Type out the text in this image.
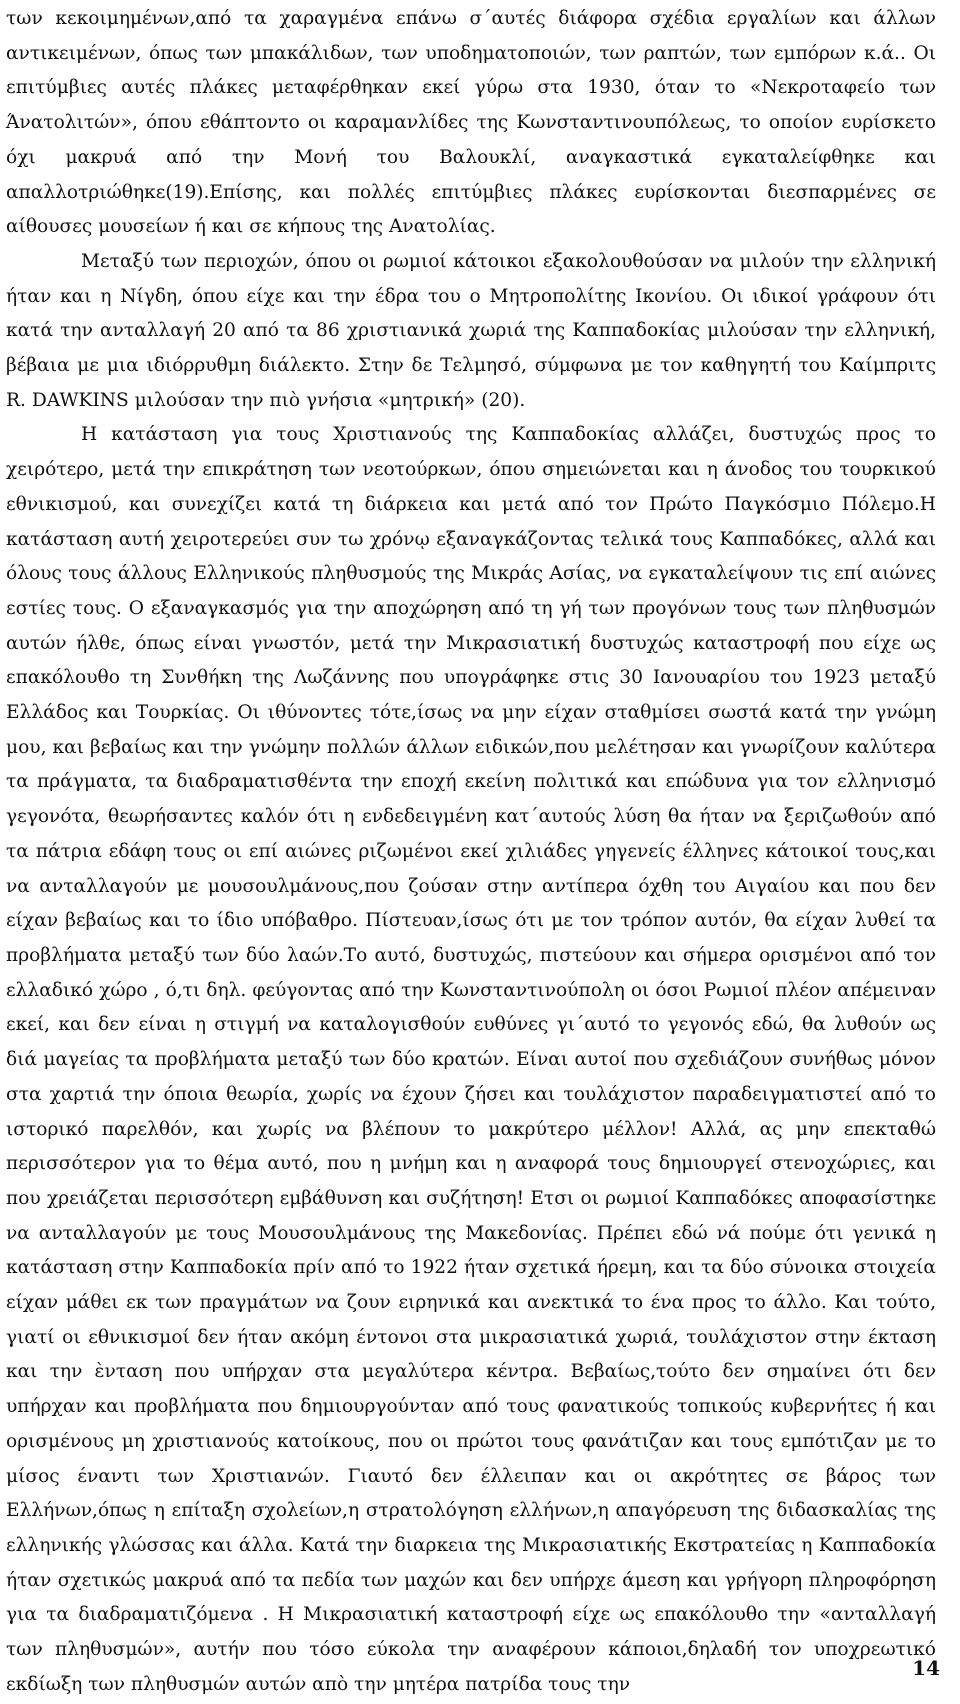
των κεκοιμημένων,από τα χαραγμένα επάνω σ΄αυτές διάφορα σχέδια εργαλίων και άλλων αντικειμένων, όπως των μπακάλιδων, των υποδηματοποιών, των ραπτών, των εμπόρων κ.ά.. Οι επιτύμβιες αυτές πλάκες μεταφέρθηκαν εκεί γύρω στα 1930, όταν το «Νεκροταφείο των Άνατολιτών», όπου εθάπτοντο οι καραμανλίδες της Κωνσταντινουπόλεως, το οποίον ευρίσκετο όχι μακρυά από την Μονή του Βαλουκλί, αναγκαστικά εγκαταλείφθηκε και απαλλοτριώθηκε(19).Επίσης, και πολλές επιτύμβιες πλάκες ευρίσκονται διεσπαρμένες σε αίθουσες μουσείων ή και σε κήπους της Ανατολίας.

Μεταξύ των περιοχών, όπου οι ρωμιοί κάτοικοι εξακολουθούσαν να μιλούν την ελληνική ήταν και η Νίγδη, όπου είχε και την έδρα του ο Μητροπολίτης Ικονίου. Οι ιδικοί γράφουν ότι κατά την ανταλλαγή 20 από τα 86 χριστιανικά χωριά της Καππαδοκίας μιλούσαν την ελληνική, βέβαια με μια ιδιόρρυθμη διάλεκτο. Στην δε Τελμησό, σύμφωνα με τον καθηγητή του Καίμπριτς R. DAWKINS μιλούσαν την πιὸ γνήσια «μητρική» (20).

Η κατάσταση για τους Χριστιανούς της Καππαδοκίας αλλάζει, δυστυχώς προς το χειρότερο, μετά την επικράτηση των νεοτούρκων, όπου σημειώνεται και η άνοδος του τουρκικού εθνικισμού, και συνεχίζει κατά τη διάρκεια και μετά από τον Πρώτο Παγκόσμιο Πόλεμο.Η κατάσταση αυτή χειροτερεύει συν τω χρόνῳ εξαναγκάζοντας τελικά τους Καππαδόκες, αλλά και όλους τους άλλους Ελληνικούς πληθυσμούς της Μικράς Ασίας, να εγκαταλείψουν τις επί αιώνες εστίες τους. Ο εξαναγκασμός για την αποχώρηση από τη γή των προγόνων τους των πληθυσμών αυτών ήλθε, όπως είναι γνωστόν, μετά την Μικρασιατική δυστυχώς καταστροφή που είχε ως επακόλουθο τη Συνθήκη της Λωζάννης που υπογράφηκε στις 30 Ιανουαρίου του 1923 μεταξύ Ελλάδος και Τουρκίας. Οι ιθύνοντες τότε,ίσως να μην είχαν σταθμίσει σωστά κατά την γνώμη μου, και βεβαίως και την γνώμην πολλών άλλων ειδικών,που μελέτησαν και γνωρίζουν καλύτερα τα πράγματα, τα διαδραματισθέντα την εποχή εκείνη πολιτικά και επώδυνα για τον ελληνισμό γεγονότα, θεωρήσαντες καλόν ότι η ενδεδειγμένη κατ΄αυτούς λύση θα ήταν να ξεριζωθούν από τα πάτρια εδάφη τους οι επί αιώνες ριζωμένοι εκεί χιλιάδες γηγενείς έλληνες κάτοικοί τους,και να ανταλλαγούν με μουσουλμάνους,που ζούσαν στην αντίπερα όχθη του Αιγαίου και που δεν είχαν βεβαίως και το ίδιο υπόβαθρο. Πίστευαν,ίσως ότι με τον τρόπον αυτόν, θα είχαν λυθεί τα προβλήματα μεταξύ των δύο λαών.Το αυτό, δυστυχώς, πιστεύουν και σήμερα ορισμένοι από τον ελλαδικό χώρο , ό,τι δηλ. φεύγοντας από την Κωνσταντινούπολη οι όσοι Ρωμιοί πλέον απέμειναν εκεί, και δεν είναι η στιγμή να καταλογισθούν ευθύνες γι΄αυτό το γεγονός εδώ, θα λυθούν ως διά μαγείας τα προβλήματα μεταξύ των δύο κρατών. Είναι αυτοί που σχεδιάζουν συνήθως μόνον στα χαρτιά την όποια θεωρία, χωρίς να έχουν ζήσει και τουλάχιστον παραδειγματιστεί από το ιστορικό παρελθόν, και χωρίς να βλέπουν το μακρύτερο μέλλον! Αλλά, ας μην επεκταθώ περισσότερον για το θέμα αυτό, που η μνήμη και η αναφορά τους δημιουργεί στενοχώριες, και που χρειάζεται περισσότερη εμβάθυνση και συζήτηση! Ετσι οι ρωμιοί Καππαδόκες αποφασίστηκε να ανταλλαγούν με τους Μουσουλμάνους της Μακεδονίας. Πρέπει εδώ νά πούμε ότι γενικά η κατάσταση στην Καππαδοκία πρίν από το 1922 ήταν σχετικά ήρεμη, και τα δύο σύνοικα στοιχεία είχαν μάθει εκ των πραγμάτων να ζουν ειρηνικά και ανεκτικά το ένα προς το άλλο. Και τούτο, γιατί οι εθνικισμοί δεν ήταν ακόμη έντονοι στα μικρασιατικά χωριά, τουλάχιστον στην έκταση και την ὲνταση που υπήρχαν στα μεγαλύτερα κέντρα. Βεβαίως,τούτο δεν σημαίνει ότι δεν υπήρχαν και προβλήματα που δημιουργούνταν από τους φανατικούς τοπικούς κυβερνήτες ή και ορισμένους μη χριστιανούς κατοίκους, που οι πρώτοι τους φανάτιζαν και τους εμπότιζαν με το μίσος έναντι των Χριστιανών. Γιαυτό δεν έλλειπαν και οι ακρότητες σε βάρος των Ελλήνων,όπως η επίταξη σχολείων,η στρατολόγηση ελλήνων,η απαγόρευση της διδασκαλίας της ελληνικής γλώσσας και άλλα. Κατά την διαρκεια της Μικρασιατικής Εκστρατείας η Καππαδοκία ήταν σχετικώς μακρυά από τα πεδία των μαχών και δεν υπήρχε άμεση και γρήγορη πληροφόρηση για τα διαδραματιζόμενα . Η Μικρασιατική καταστροφή είχε ως επακόλουθο την «ανταλλαγή των πληθυσμών», αυτήν που τόσο εύκολα την αναφέρουν κάποιοι,δηλαδή τον υποχρεωτικό εκδίωξη των πληθυσμών αυτών απὸ την μητέρα πατρίδα τους την

14
